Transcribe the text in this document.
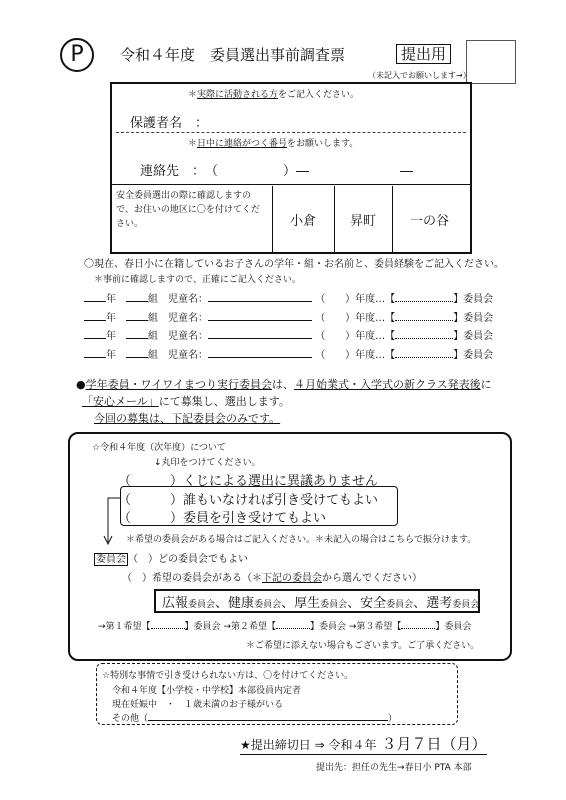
P	令和４年度　委員選出事前調査票	提出用
（未記入でお願いします→）
＊実際に活動される方をご記入ください。
保護者名　：
＊日中に連絡がつく番号をお願いします。
連絡先　：　（　　　　　）―　　　　　　　―
安全委員選出の際に確認しますので、お住いの地区に〇を付けてください。	小倉	昇町	一の谷
〇現在、春日小に在籍しているお子さんの学年・組・お名前と、委員経験をご記入ください。
＊事前に確認しますので、正確にご記入ください。
年　	組　児童名：	（　　）年度…【	】委員会
年　	組　児童名：	（　　）年度…【	】委員会
年　	組　児童名：	（　　）年度…【	】委員会
年　	組　児童名：	（　　）年度…【	】委員会
●学年委員・ワイワイまつり実行委員会は、４月始業式・入学式の新クラス発表後に
「安心メール」にて募集し、選出します。
今回の募集は、下記委員会のみです。
☆令和４年度（次年度）について
↓丸印をつけてください。
（　　　）くじによる選出に異議ありません
（　　　）誰もいなければ引き受けてもよい
（　　　）委員を引き受けてもよい
＊希望の委員会がある場合はご記入ください。＊未記入の場合はこちらで振分けます。
委員会 （　）どの委員会でもよい
（　）希望の委員会がある（＊下記の委員会から選んでください）
広報委員会、健康委員会、厚生委員会、安全委員会、選考委員会
→第１希望【	】委員会 →第２希望【	】委員会 →第３希望【	】委員会
＊ご希望に添えない場合もございます。ご了承ください。
☆特別な事情で引き受けられない方は、〇を付けてください。
令和４年度【小学校・中学校】本部役員内定者
現在妊娠中　・　１歳未満のお子様がいる
その他（	）
★提出締切日 ⇒ 令和４年 ３月７日（月）
提出先：担任の先生→春日小 PTA 本部
